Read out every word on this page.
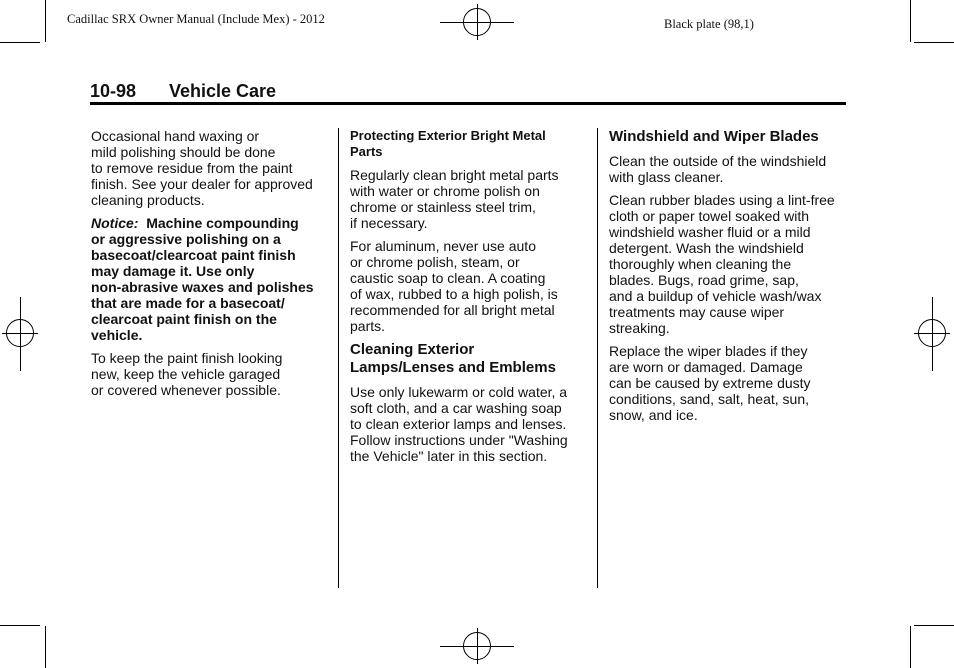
Cadillac SRX Owner Manual (Include Mex) - 2012	Black plate (98,1)
10-98 Vehicle Care

Occasional hand waxing or
mild polishing should be done
to remove residue from the paint
finish. See your dealer for approved
cleaning products.

Notice: Machine compounding
or aggressive polishing on a
basecoat/clearcoat paint finish
may damage it. Use only
non-abrasive waxes and polishes
that are made for a basecoat/
clearcoat paint finish on the
vehicle.

To keep the paint finish looking
new, keep the vehicle garaged
or covered whenever possible.

Protecting Exterior Bright Metal
Parts

Regularly clean bright metal parts
with water or chrome polish on
chrome or stainless steel trim,
if necessary.

For aluminum, never use auto
or chrome polish, steam, or
caustic soap to clean. A coating
of wax, rubbed to a high polish, is
recommended for all bright metal
parts.

Cleaning Exterior
Lamps/Lenses and Emblems

Use only lukewarm or cold water, a
soft cloth, and a car washing soap
to clean exterior lamps and lenses.
Follow instructions under "Washing
the Vehicle" later in this section.

Windshield and Wiper Blades

Clean the outside of the windshield
with glass cleaner.

Clean rubber blades using a lint-free
cloth or paper towel soaked with
windshield washer fluid or a mild
detergent. Wash the windshield
thoroughly when cleaning the
blades. Bugs, road grime, sap,
and a buildup of vehicle wash/wax
treatments may cause wiper
streaking.

Replace the wiper blades if they
are worn or damaged. Damage
can be caused by extreme dusty
conditions, sand, salt, heat, sun,
snow, and ice.
